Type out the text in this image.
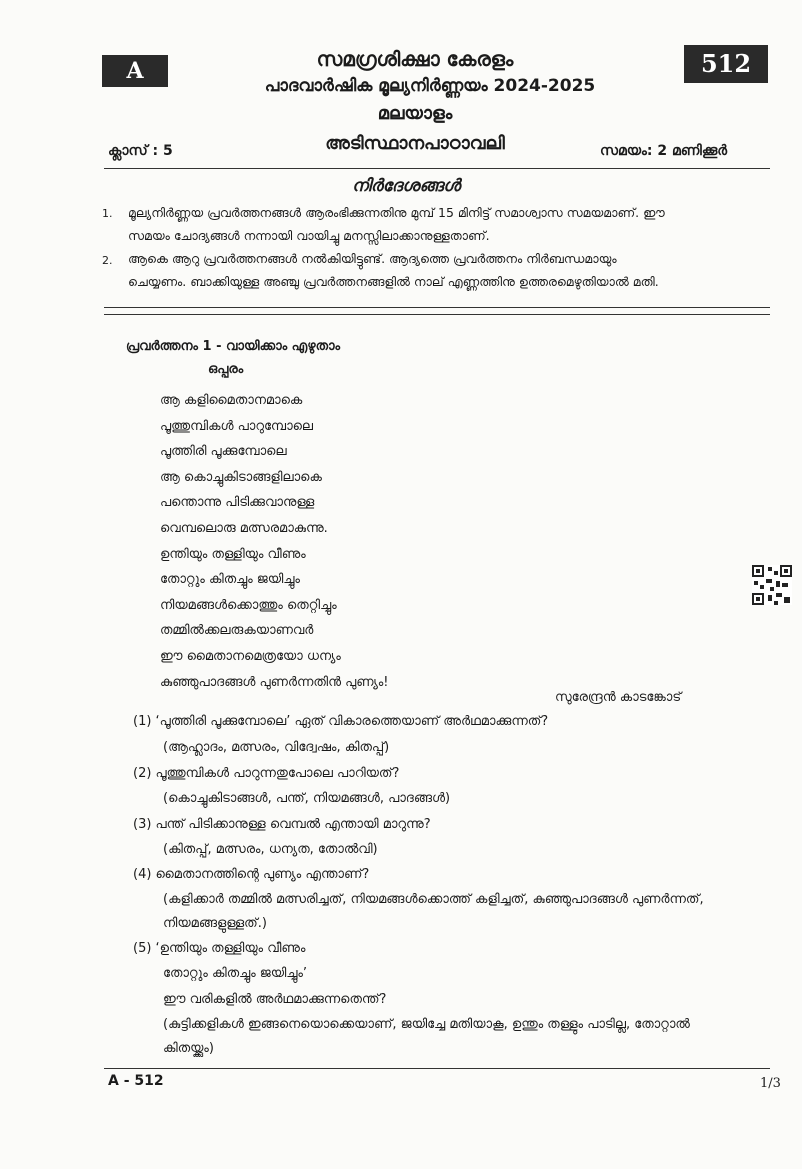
A	512
സമഗ്രശിക്ഷാ കേരളം
പാദവാർഷിക മൂല്യനിർണ്ണയം 2024-2025
മലയാളം
അടിസ്ഥാനപാഠാവലി
ക്ലാസ് : 5	സമയം: 2 മണിക്കൂർ
നിർദേശങ്ങൾ
1. മൂല്യനിർണ്ണയ പ്രവർത്തനങ്ങൾ ആരംഭിക്കുന്നതിനു മുമ്പ് 15 മിനിട്ട് സമാശ്വാസ സമയമാണ്. ഈ
സമയം ചോദ്യങ്ങൾ നന്നായി വായിച്ചു മനസ്സിലാക്കാനുള്ളതാണ്.
2. ആകെ ആറു പ്രവർത്തനങ്ങൾ നൽകിയിട്ടുണ്ട്. ആദ്യത്തെ പ്രവർത്തനം നിർബന്ധമായും
ചെയ്യണം. ബാക്കിയുള്ള അഞ്ചു പ്രവർത്തനങ്ങളിൽ നാല് എണ്ണത്തിനു ഉത്തരമെഴുതിയാൽ മതി.
പ്രവർത്തനം 1 - വായിക്കാം എഴുതാം
ഒപ്പരം
ആ കളിമൈതാനമാകെ
പൂത്തുമ്പികൾ പാറുമ്പോലെ
പൂത്തിരി പൂക്കുമ്പോലെ
ആ കൊച്ചുകിടാങ്ങളിലാകെ
പന്തൊന്നു പിടിക്കുവാനുള്ള
വെമ്പലൊരു മത്സരമാകുന്നു.
ഉന്തിയും തള്ളിയും വീണും
തോറ്റും കിതച്ചും ജയിച്ചും
നിയമങ്ങൾക്കൊത്തും തെറ്റിച്ചും
തമ്മിൽക്കലരുകയാണവർ
ഈ മൈതാനമെത്രയോ ധന്യം
കുഞ്ഞുപാദങ്ങൾ പുണർന്നതിൻ പുണ്യം!
സുരേന്ദ്രൻ കാടങ്കോട്
(1) ‘പൂത്തിരി പൂക്കുമ്പോലെ’ ഏത് വികാരത്തെയാണ് അർഥമാക്കുന്നത്?
(ആഹ്ലാദം, മത്സരം, വിദ്വേഷം, കിതപ്പ്)
(2) പൂത്തുമ്പികൾ പാറുന്നതുപോലെ പാറിയത്?
(കൊച്ചുകിടാങ്ങൾ, പന്ത്, നിയമങ്ങൾ, പാദങ്ങൾ)
(3) പന്ത് പിടിക്കാനുള്ള വെമ്പൽ എന്തായി മാറുന്നു?
(കിതപ്പ്, മത്സരം, ധന്യത, തോൽവി)
(4) മൈതാനത്തിന്റെ പുണ്യം എന്താണ്?
(കളിക്കാർ തമ്മിൽ മത്സരിച്ചത്, നിയമങ്ങൾക്കൊത്ത് കളിച്ചത്, കുഞ്ഞുപാദങ്ങൾ പുണർന്നത്,
നിയമങ്ങളുള്ളത്.)
(5) ‘ഉന്തിയും തള്ളിയും വീണും
തോറ്റും കിതച്ചും ജയിച്ചും’
ഈ വരികളിൽ അർഥമാക്കുന്നതെന്ത്?
(കുട്ടിക്കളികൾ ഇങ്ങനെയൊക്കെയാണ്, ജയിച്ചേ മതിയാകൂ, ഉന്തും തള്ളും പാടില്ല, തോറ്റാൽ
കിതയ്ക്കും)
A - 512	1/3
